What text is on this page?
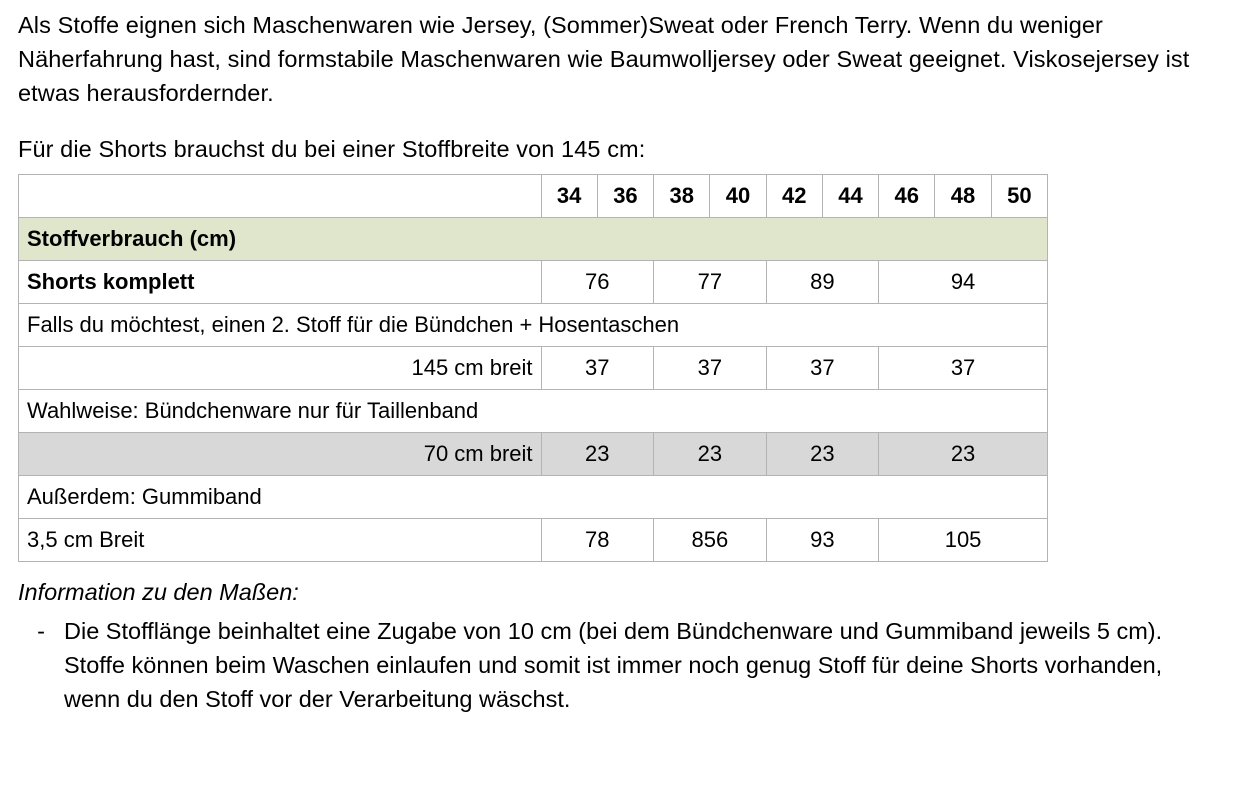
Als Stoffe eignen sich Maschenwaren wie Jersey, (Sommer)Sweat oder French Terry. Wenn du weniger Näherfahrung hast, sind formstabile Maschenwaren wie Baumwolljersey oder Sweat geeignet. Viskosejersey ist etwas herausfordernder.

Für die Shorts brauchst du bei einer Stoffbreite von 145 cm:

	34	36	38	40	42	44	46	48	50
Stoffverbrauch (cm)									
Shorts komplett	76		77		89		94		
Falls du möchtest, einen 2. Stoff für die Bündchen + Hosentaschen									
145 cm breit	37		37		37		37		
Wahlweise: Bündchenware nur für Taillenband									
70 cm breit	23		23		23		23		
Außerdem: Gummiband									
3,5 cm Breit	78		856		93		105		

Information zu den Maßen:

- Die Stofflänge beinhaltet eine Zugabe von 10 cm (bei dem Bündchenware und Gummiband jeweils 5 cm). Stoffe können beim Waschen einlaufen und somit ist immer noch genug Stoff für deine Shorts vorhanden, wenn du den Stoff vor der Verarbeitung wäschst.
